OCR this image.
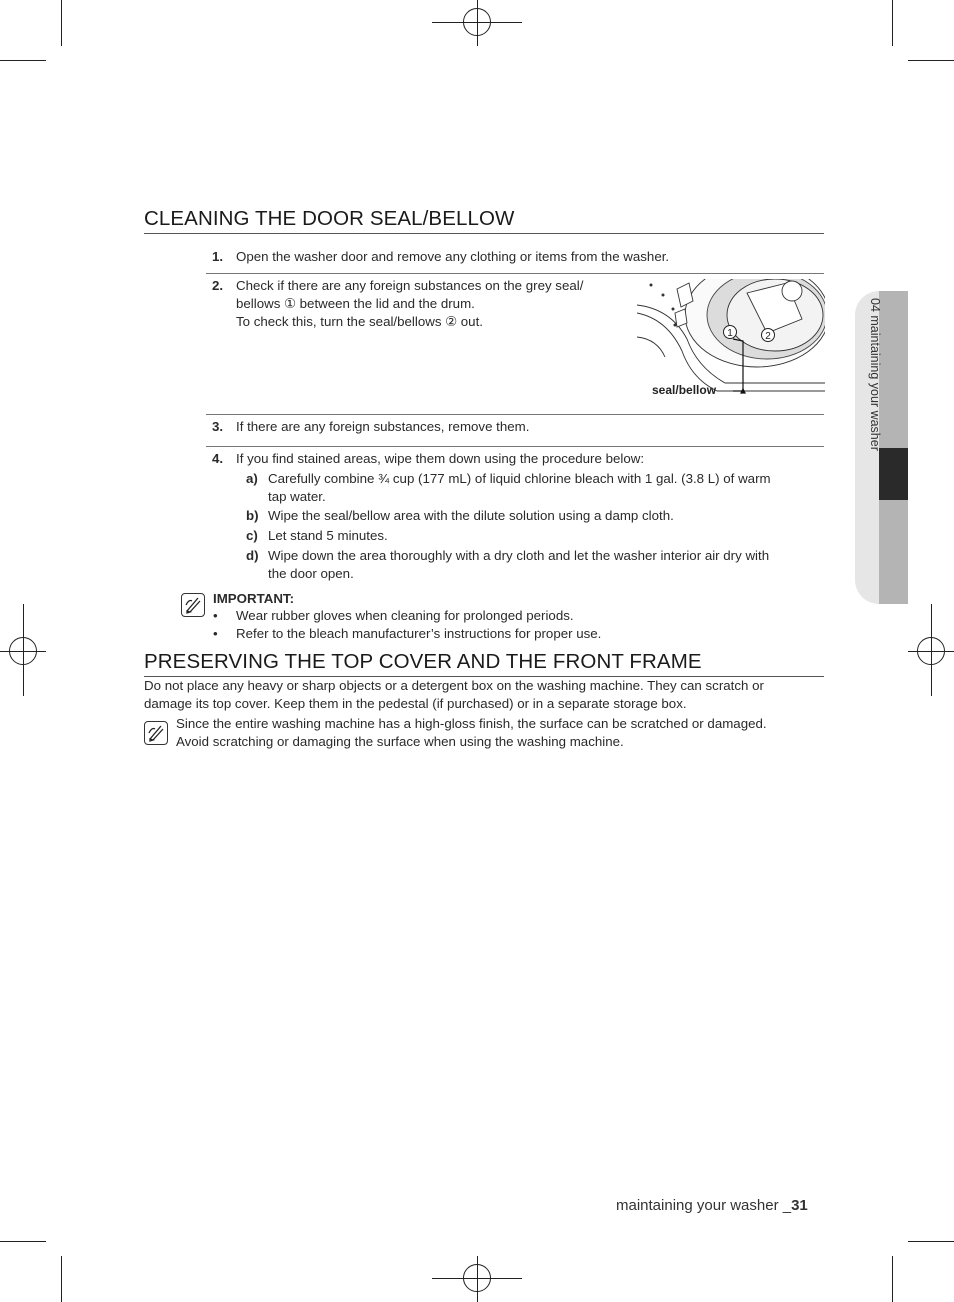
04 maintaining your washer
CLEANING THE DOOR SEAL/BELLOW
1. Open the washer door and remove any clothing or items from the washer.
2. Check if there are any foreign substances on the grey seal/
bellows ① between the lid and the drum.
To check this, turn the seal/bellows ② out.
1	2
seal/bellow
3. If there are any foreign substances, remove them.
4. If you find stained areas, wipe them down using the procedure below:
a) Carefully combine ¾ cup (177 mL) of liquid chlorine bleach with 1 gal. (3.8 L) of warm
tap water.
b) Wipe the seal/bellow area with the dilute solution using a damp cloth.
c) Let stand 5 minutes.
d) Wipe down the area thoroughly with a dry cloth and let the washer interior air dry with
the door open.
IMPORTANT:
• Wear rubber gloves when cleaning for prolonged periods.
• Refer to the bleach manufacturer’s instructions for proper use.
PRESERVING THE TOP COVER AND THE FRONT FRAME
Do not place any heavy or sharp objects or a detergent box on the washing machine. They can scratch or
damage its top cover. Keep them in the pedestal (if purchased) or in a separate storage box.
Since the entire washing machine has a high-gloss finish, the surface can be scratched or damaged.
Avoid scratching or damaging the surface when using the washing machine.
maintaining your washer _31
